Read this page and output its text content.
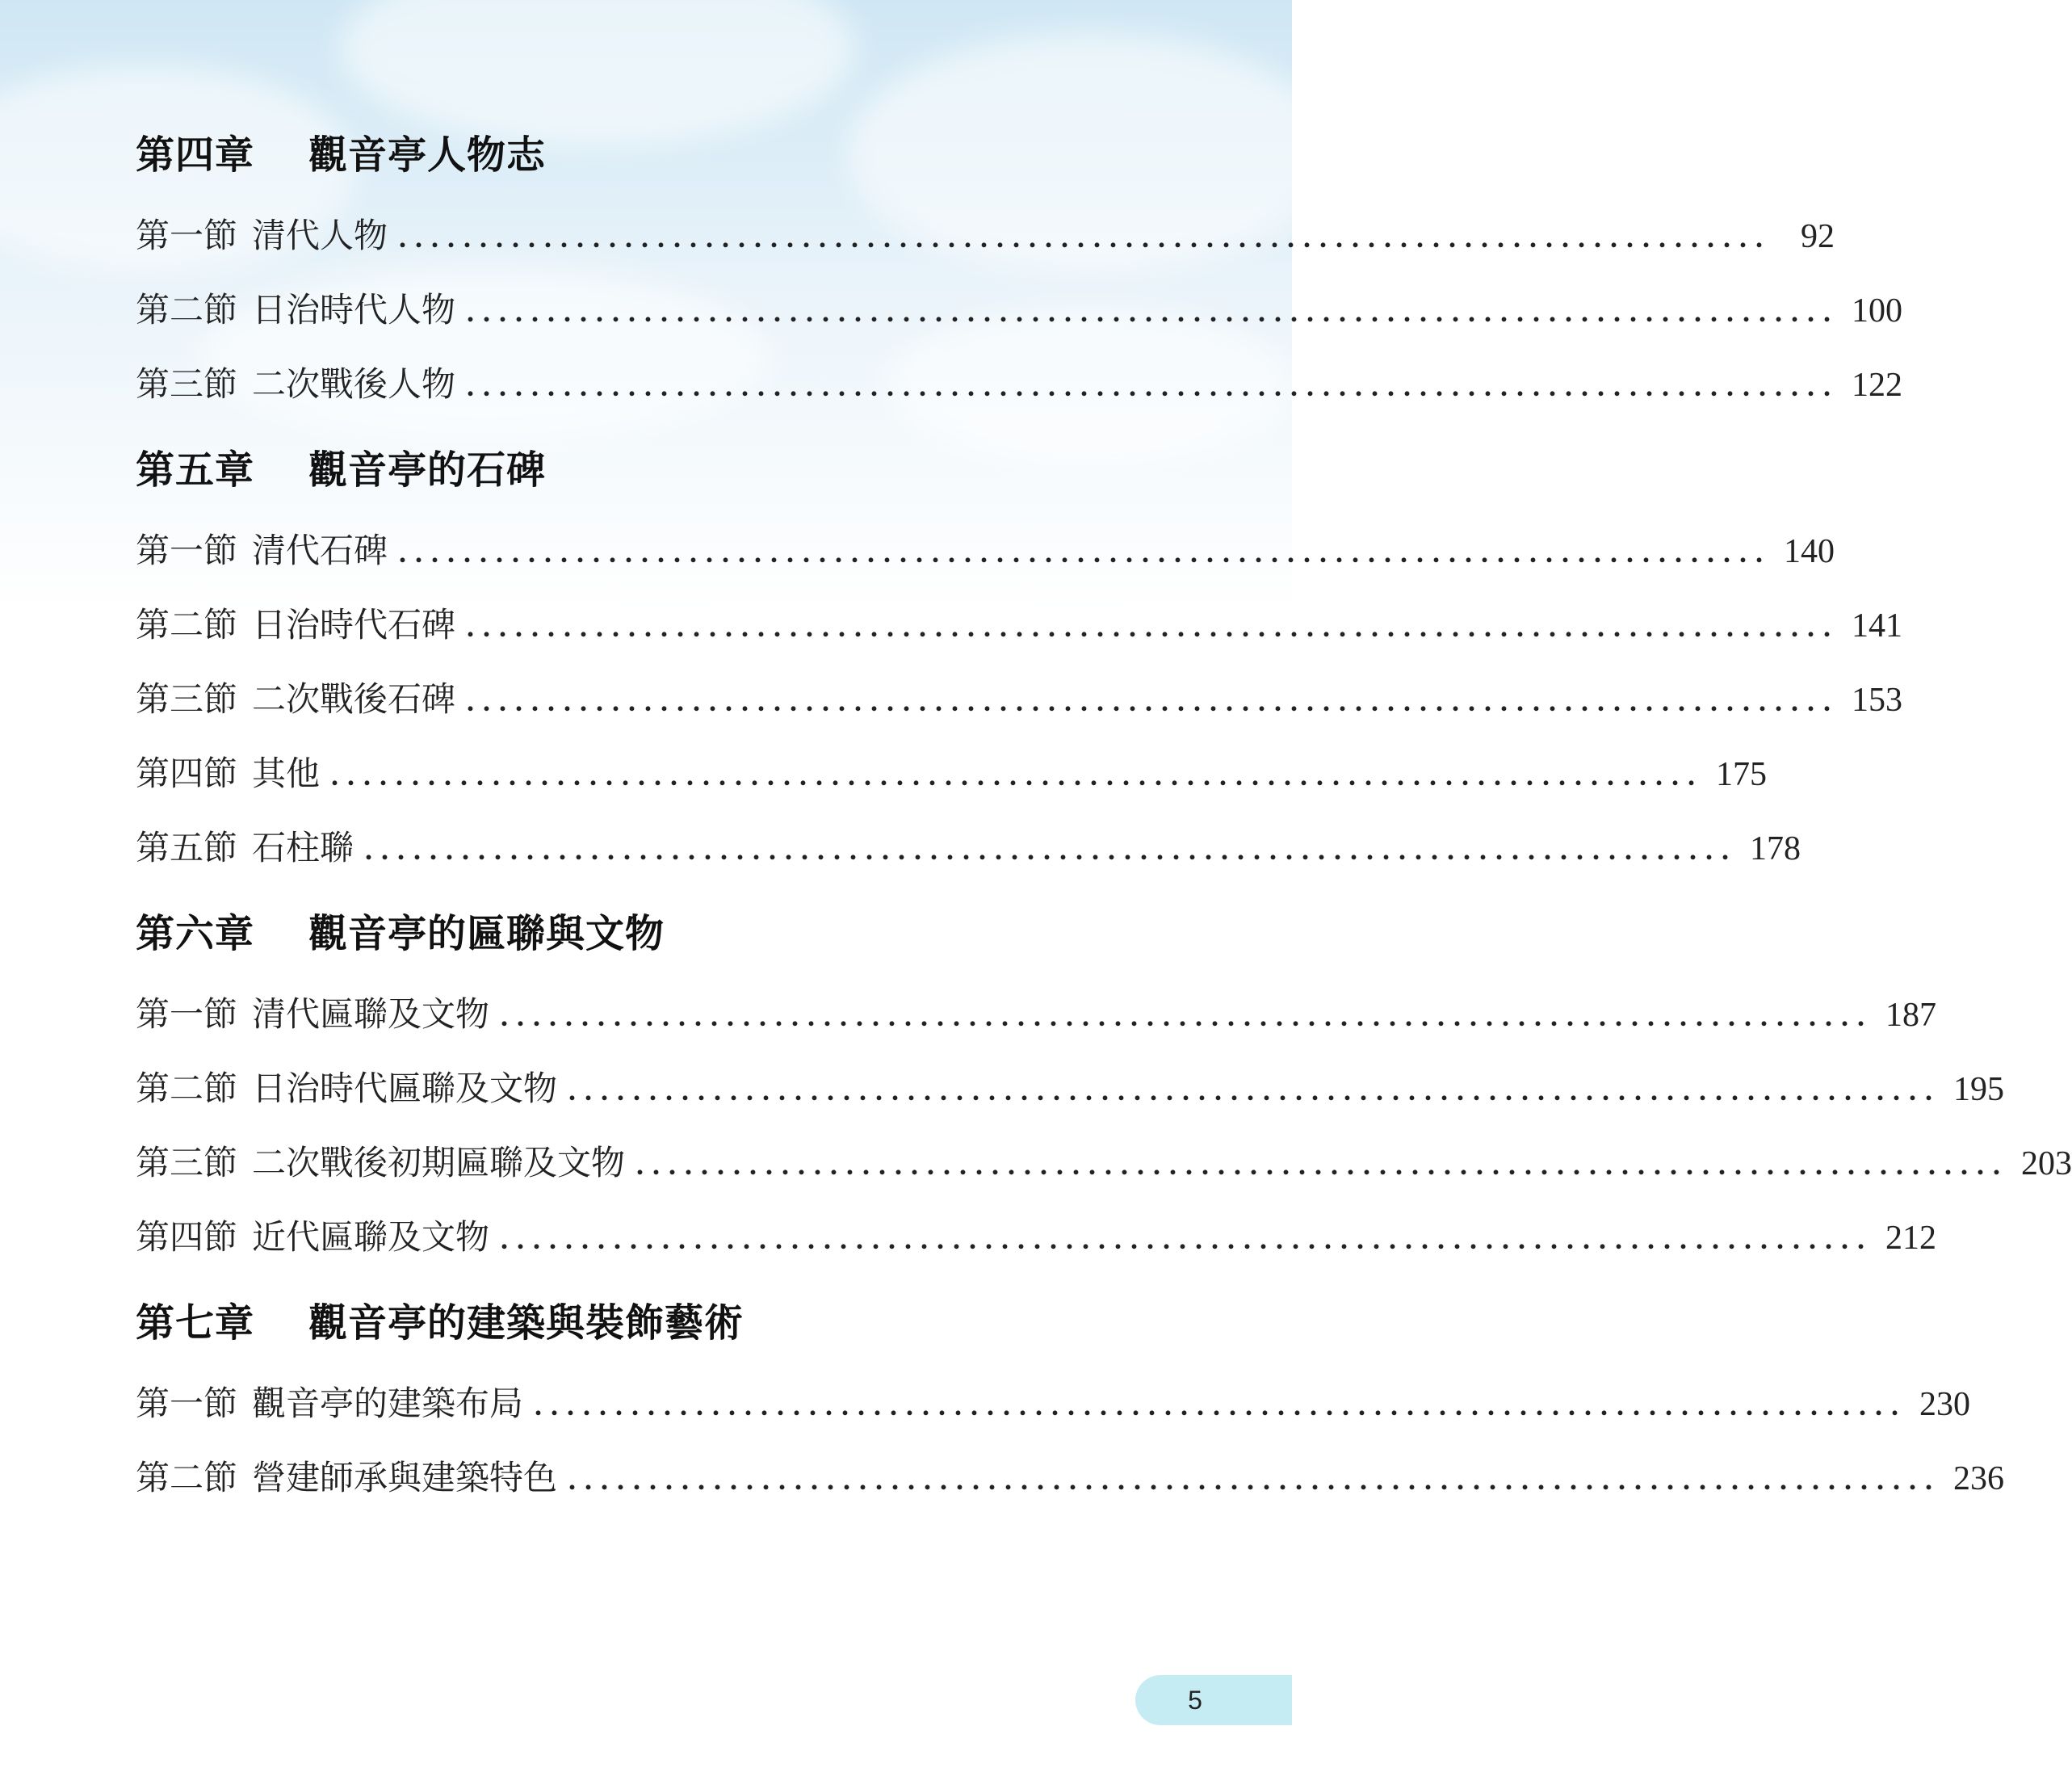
第四章 觀音亭人物志
第一節 清代人物 ..................................................................................... 92
第二節 日治時代人物 ..................................................................................... 100
第三節 二次戰後人物 ..................................................................................... 122
第五章 觀音亭的石碑
第一節 清代石碑 ..................................................................................... 140
第二節 日治時代石碑 ..................................................................................... 141
第三節 二次戰後石碑 ..................................................................................... 153
第四節 其他 ..................................................................................... 175
第五節 石柱聯 ..................................................................................... 178
第六章 觀音亭的匾聯與文物
第一節 清代匾聯及文物 ..................................................................................... 187
第二節 日治時代匾聯及文物 ..................................................................................... 195
第三節 二次戰後初期匾聯及文物 ..................................................................................... 203
第四節 近代匾聯及文物 ..................................................................................... 212
第七章 觀音亭的建築與裝飾藝術
第一節 觀音亭的建築布局 ..................................................................................... 230
第二節 營建師承與建築特色 ..................................................................................... 236
5
